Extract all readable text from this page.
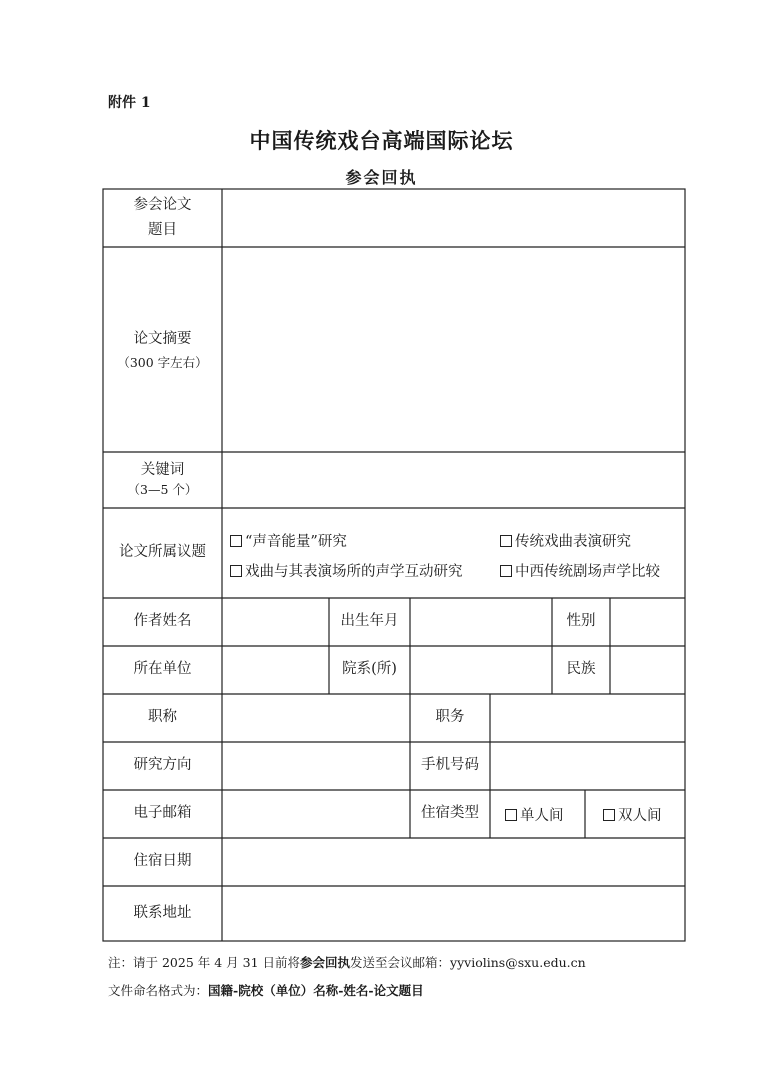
附件 1
中国传统戏台高端国际论坛
参会回执
参会论文
题目
论文摘要
（300 字左右）
关键词
（3—5 个）
论文所属议题
“声音能量”研究	传统戏曲表演研究
戏曲与其表演场所的声学互动研究	中西传统剧场声学比较
作者姓名	出生年月	性别
所在单位	院系(所)	民族
职称	职务
研究方向	手机号码
电子邮箱	住宿类型	单人间	双人间
住宿日期
联系地址
注：请于 2025 年 4 月 31 日前将参会回执发送至会议邮箱：yyviolins@sxu.edu.cn
文件命名格式为：国籍-院校（单位）名称-姓名-论文题目
